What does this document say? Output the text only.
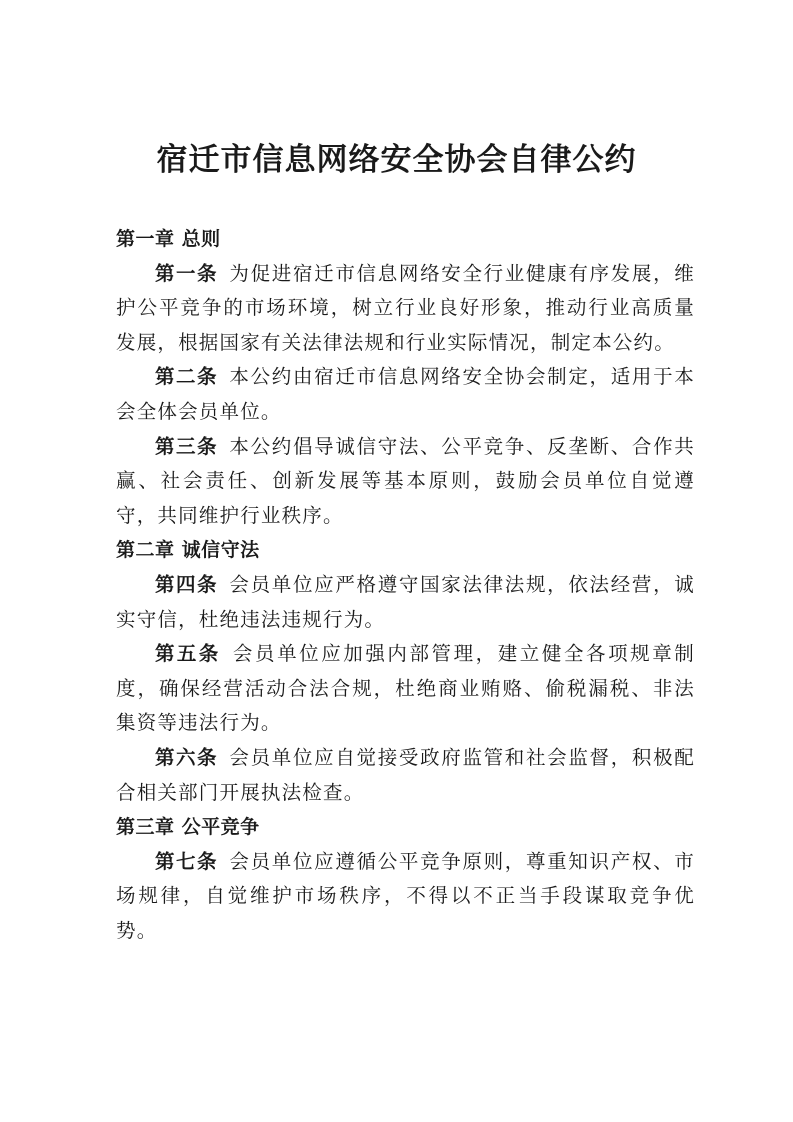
宿迁市信息网络安全协会自律公约

第一章 总则

第一条  为促进宿迁市信息网络安全行业健康有序发展，维护公平竞争的市场环境，树立行业良好形象，推动行业高质量发展，根据国家有关法律法规和行业实际情况，制定本公约。

第二条  本公约由宿迁市信息网络安全协会制定，适用于本会全体会员单位。

第三条  本公约倡导诚信守法、公平竞争、反垄断、合作共赢、社会责任、创新发展等基本原则，鼓励会员单位自觉遵守，共同维护行业秩序。

第二章 诚信守法

第四条  会员单位应严格遵守国家法律法规，依法经营，诚实守信，杜绝违法违规行为。

第五条  会员单位应加强内部管理，建立健全各项规章制度，确保经营活动合法合规，杜绝商业贿赂、偷税漏税、非法集资等违法行为。

第六条  会员单位应自觉接受政府监管和社会监督，积极配合相关部门开展执法检查。

第三章 公平竞争

第七条  会员单位应遵循公平竞争原则，尊重知识产权、市场规律，自觉维护市场秩序，不得以不正当手段谋取竞争优势。
